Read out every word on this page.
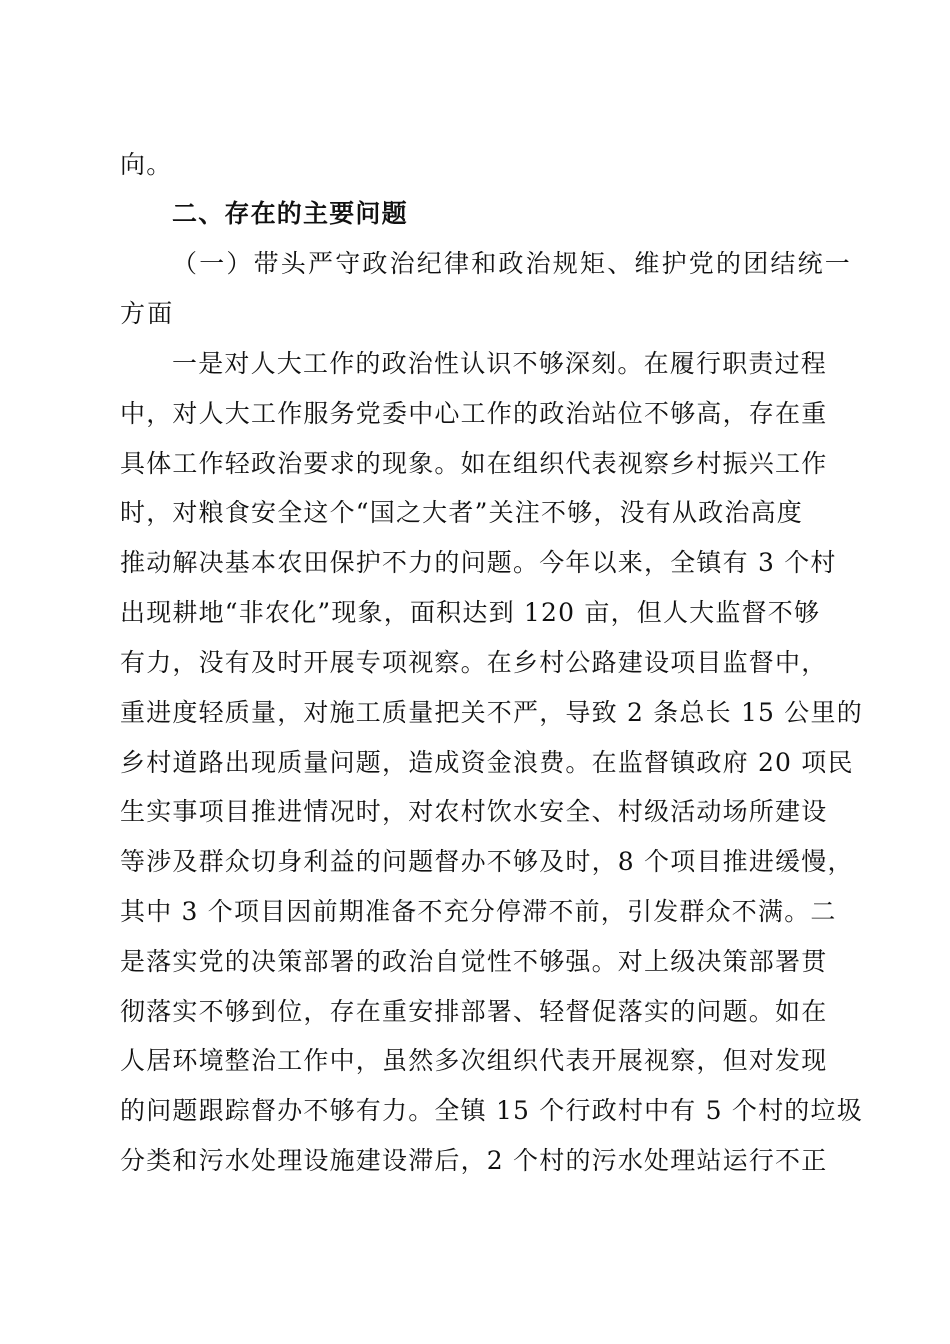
向。

二、存在的主要问题

（一）带头严守政治纪律和政治规矩、维护党的团结统一

方面

一是对人大工作的政治性认识不够深刻。在履行职责过程

中，对人大工作服务党委中心工作的政治站位不够高，存在重

具体工作轻政治要求的现象。如在组织代表视察乡村振兴工作

时，对粮食安全这个“国之大者”关注不够，没有从政治高度

推动解决基本农田保护不力的问题。今年以来，全镇有 3 个村

出现耕地“非农化”现象，面积达到 120 亩，但人大监督不够

有力，没有及时开展专项视察。在乡村公路建设项目监督中，

重进度轻质量，对施工质量把关不严，导致 2 条总长 15 公里的

乡村道路出现质量问题，造成资金浪费。在监督镇政府 20 项民

生实事项目推进情况时，对农村饮水安全、村级活动场所建设

等涉及群众切身利益的问题督办不够及时，8 个项目推进缓慢，

其中 3 个项目因前期准备不充分停滞不前，引发群众不满。二

是落实党的决策部署的政治自觉性不够强。对上级决策部署贯

彻落实不够到位，存在重安排部署、轻督促落实的问题。如在

人居环境整治工作中，虽然多次组织代表开展视察，但对发现

的问题跟踪督办不够有力。全镇 15 个行政村中有 5 个村的垃圾

分类和污水处理设施建设滞后，2 个村的污水处理站运行不正
